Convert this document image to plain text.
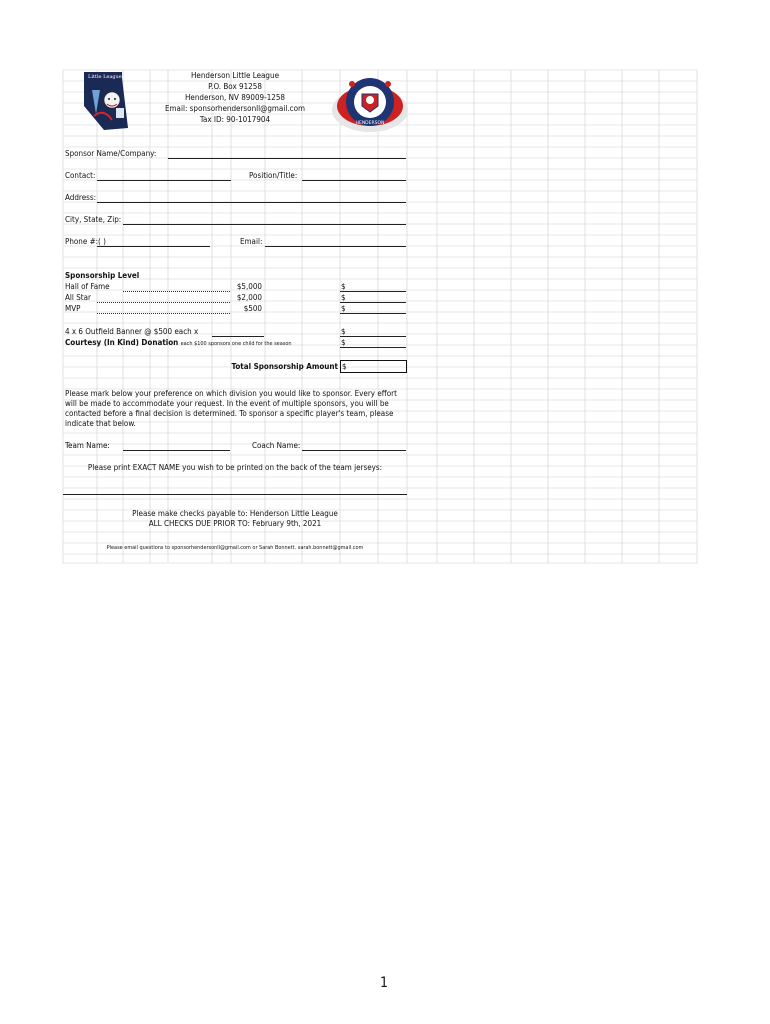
Little League
HENDERSON
Henderson Little League
P.O. Box 91258
Henderson, NV 89009-1258
Email: sponsorhendersonll@gmail.com
Tax ID: 90-1017904
Sponsor Name/Company:
Contact:	Position/Title:
Address:
City, State, Zip:
Phone #: ( )	Email:
Sponsorship Level
Hall of Fame	$5,000	$
All Star	$2,000	$
MVP	$500	$
4 x 6 Outfield Banner @ $500 each x	$
Courtesy (In Kind) Donation each $100 sponsors one child for the season	$
Total Sponsorship Amount $
Please mark below your preference on which division you would like to sponsor. Every effort
will be made to accommodate your request. In the event of multiple sponsors, you will be
contacted before a final decision is determined. To sponsor a specific player's team, please
indicate that below.
Team Name:	Coach Name:
Please print EXACT NAME you wish to be printed on the back of the team jerseys:
Please make checks payable to: Henderson Little League
ALL CHECKS DUE PRIOR TO: February 9th, 2021
Please email questions to sponsorhendersonll@gmail.com or Sarah Bonnett. sarah.bonnett@gmail.com
1
